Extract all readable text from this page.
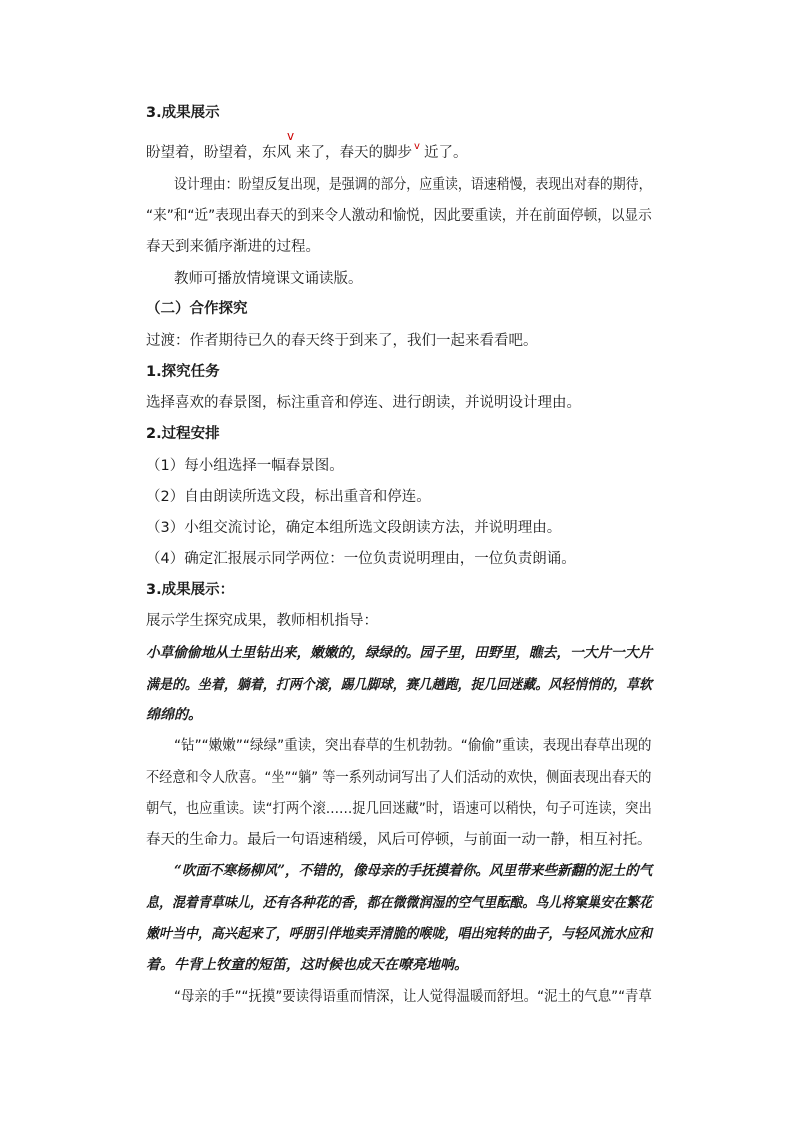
3.成果展示
盼望着，盼望着，东风
v
来了，春天的脚步 v 近了。
设计理由：盼望反复出现，是强调的部分，应重读，语速稍慢，表现出对春的期待，
“来”和“近”表现出春天的到来令人激动和愉悦，因此要重读，并在前面停顿，以显示
春天到来循序渐进的过程。
教师可播放情境课文诵读版。
（二）合作探究
过渡：作者期待已久的春天终于到来了，我们一起来看看吧。
1.探究任务
选择喜欢的春景图，标注重音和停连、进行朗读，并说明设计理由。
2.过程安排
（1）每小组选择一幅春景图。
（2）自由朗读所选文段，标出重音和停连。
（3）小组交流讨论，确定本组所选文段朗读方法，并说明理由。
（4）确定汇报展示同学两位：一位负责说明理由，一位负责朗诵。
3.成果展示：
展示学生探究成果，教师相机指导：
小草偷偷地从土里钻出来，嫩嫩的，绿绿的。园子里，田野里，瞧去，一大片一大片
满是的。坐着，躺着，打两个滚，踢几脚球，赛几趟跑，捉几回迷藏。风轻悄悄的，草软
绵绵的。
“钻”“嫩嫩”“绿绿”重读，突出春草的生机勃勃。“偷偷”重读，表现出春草出现的
不经意和令人欣喜。“坐”“躺” 等一系列动词写出了人们活动的欢快，侧面表现出春天的
朝气，也应重读。读“打两个滚……捉几回迷藏”时，语速可以稍快，句子可连读，突出
春天的生命力。最后一句语速稍缓，风后可停顿，与前面一动一静，相互衬托。
“吹面不寒杨柳风”，不错的，像母亲的手抚摸着你。风里带来些新翻的泥土的气
息，混着青草味儿，还有各种花的香，都在微微润湿的空气里酝酿。鸟儿将窠巢安在繁花
嫩叶当中，高兴起来了，呼朋引伴地卖弄清脆的喉咙，唱出宛转的曲子，与轻风流水应和
着。牛背上牧童的短笛，这时候也成天在嘹亮地响。
“母亲的手”“抚摸”要读得语重而情深，让人觉得温暖而舒坦。“泥土的气息”“青草
